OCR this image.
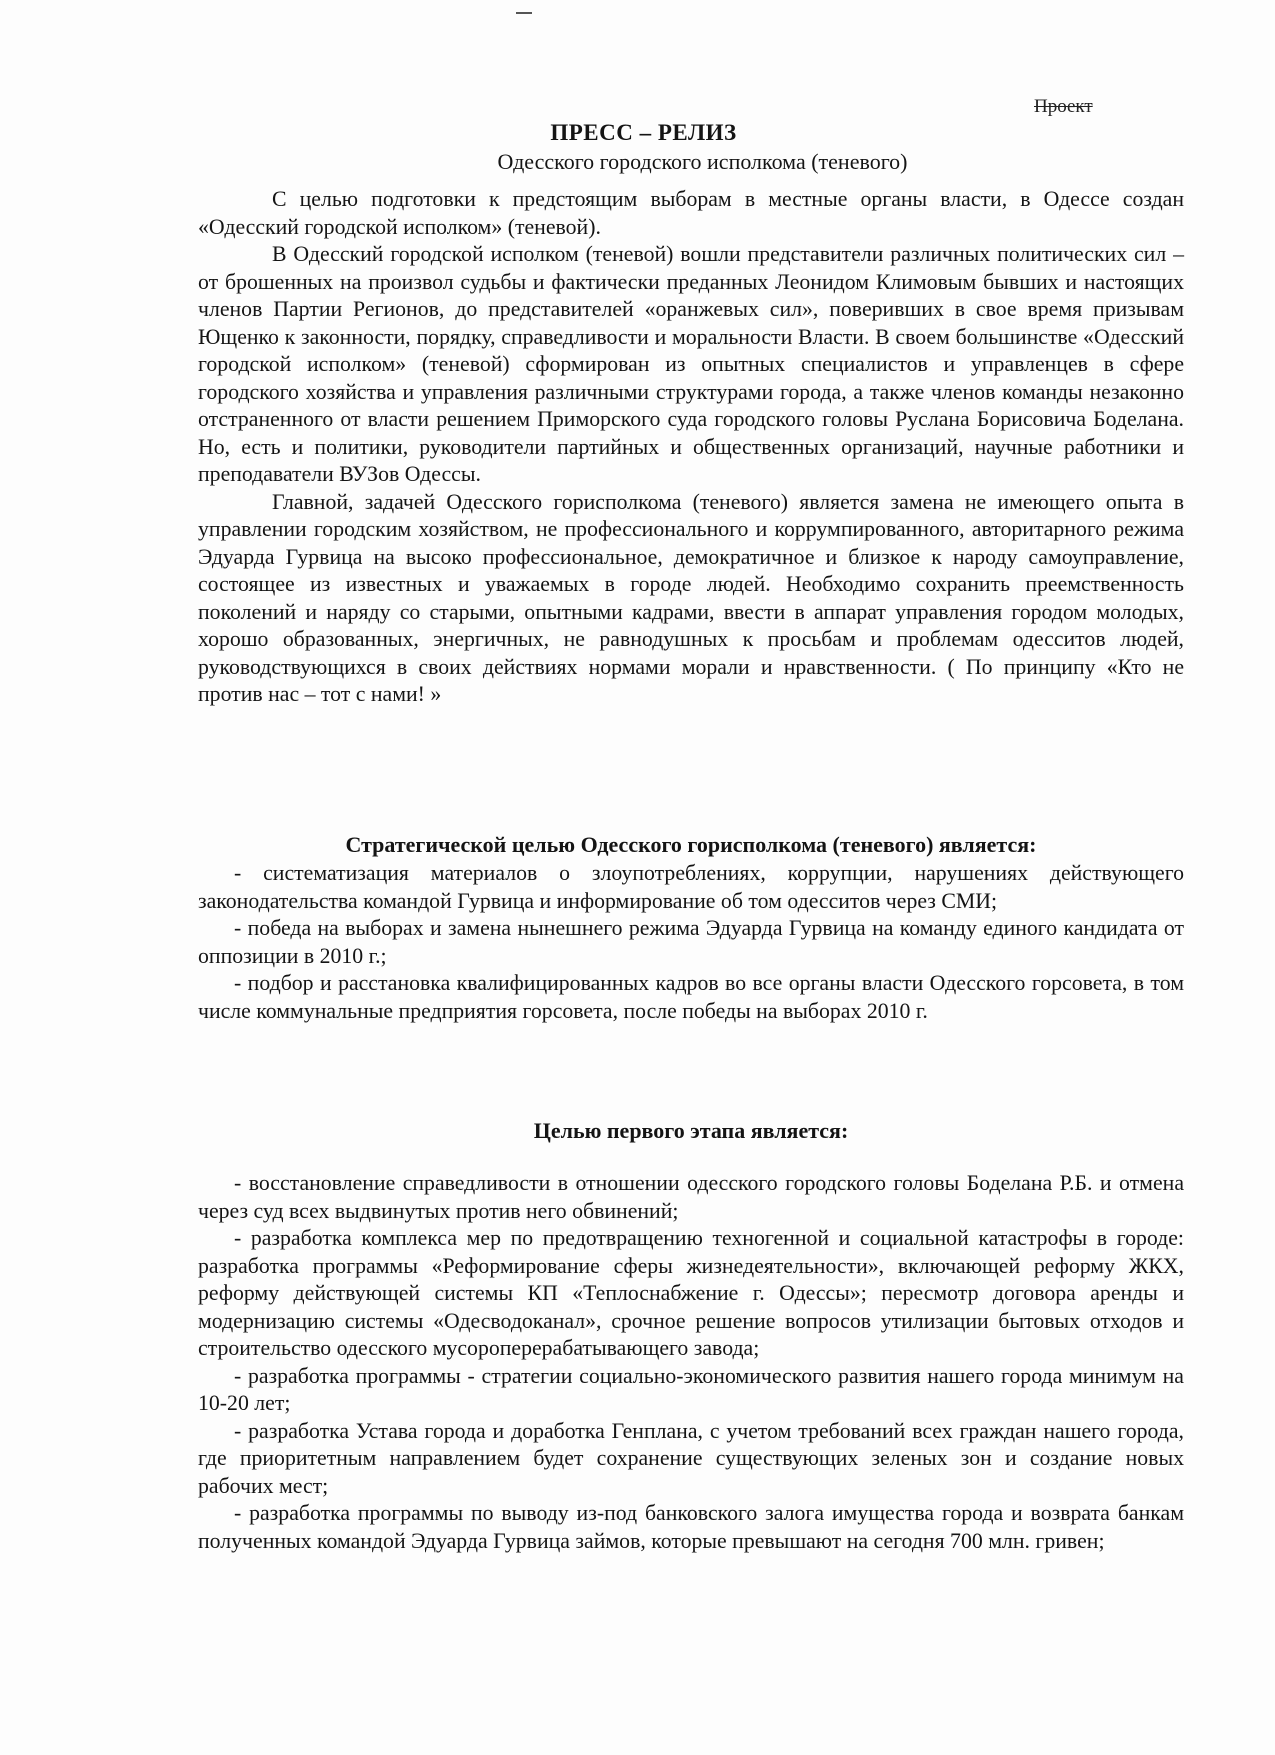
Проект
ПРЕСС – РЕЛИЗ
Одесского городского исполкома (теневого)

С целью подготовки к предстоящим выборам в местные органы власти, в Одессе создан «Одесский городской исполком» (теневой).

В Одесский городской исполком (теневой) вошли представители различных политических сил – от брошенных на произвол судьбы и фактически преданных Леонидом Климовым бывших и настоящих членов Партии Регионов, до представителей «оранжевых сил», поверивших в свое время призывам Ющенко к законности, порядку, справедливости и моральности Власти. В своем большинстве «Одесский городской исполком» (теневой) сформирован из опытных специалистов и управленцев в сфере городского хозяйства и управления различными структурами города, а также членов команды незаконно отстраненного от власти решением Приморского суда городского головы Руслана Борисовича Боделана. Но, есть и политики, руководители партийных и общественных организаций, научные работники и преподаватели ВУЗов Одессы.

Главной, задачей Одесского горисполкома (теневого) является замена не имеющего опыта в управлении городским хозяйством, не профессионального и коррумпированного, авторитарного режима Эдуарда Гурвица на высоко профессиональное, демократичное и близкое к народу самоуправление, состоящее из известных и уважаемых в городе людей. Необходимо сохранить преемственность поколений и наряду со старыми, опытными кадрами, ввести в аппарат управления городом молодых, хорошо образованных, энергичных, не равнодушных к просьбам и проблемам одесситов людей, руководствующихся в своих действиях нормами морали и нравственности. ( По принципу «Кто не против нас – тот с нами! »

Стратегической целью Одесского горисполкома (теневого) является:

- систематизация материалов о злоупотреблениях, коррупции, нарушениях действующего законодательства командой Гурвица и информирование об том одесситов через СМИ;

- победа на выборах и замена нынешнего режима Эдуарда Гурвица на команду единого кандидата от оппозиции в 2010 г.;

- подбор и расстановка квалифицированных кадров во все органы власти Одесского горсовета, в том числе коммунальные предприятия горсовета, после победы на выборах 2010 г.

Целью первого этапа является:

- восстановление справедливости в отношении одесского городского головы Боделана Р.Б. и отмена через суд всех выдвинутых против него обвинений;

- разработка комплекса мер по предотвращению техногенной и социальной катастрофы в городе: разработка программы «Реформирование сферы жизнедеятельности», включающей реформу ЖКХ, реформу действующей системы КП «Теплоснабжение г. Одессы»; пересмотр договора аренды и модернизацию системы «Одесводоканал», срочное решение вопросов утилизации бытовых отходов и строительство одесского мусороперерабатывающего завода;

- разработка программы - стратегии социально-экономического развития нашего города минимум на 10-20 лет;

- разработка Устава города и доработка Генплана, с учетом требований всех граждан нашего города, где приоритетным направлением будет сохранение существующих зеленых зон и создание новых рабочих мест;

- разработка программы по выводу из-под банковского залога имущества города и возврата банкам полученных командой Эдуарда Гурвица займов, которые превышают на сегодня 700 млн. гривен;
